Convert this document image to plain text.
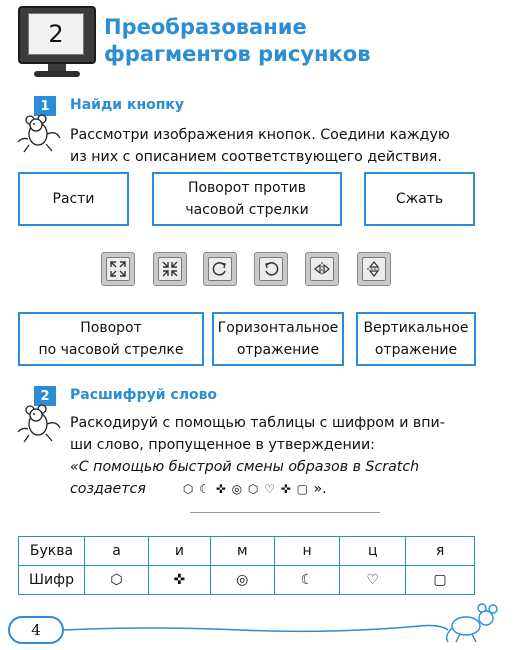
2	Преобразование
фрагментов рисунков
1	Найди кнопку
Рассмотри изображения кнопок. Соедини каждую
из них с описанием соответствующего действия.
Расти
Поворот против
часовой стрелки
Сжать
Поворот
по часовой стрелке
Горизонтальное
отражение
Вертикальное
отражение
2	Расшифруй слово
Раскодируй с помощью таблицы с шифром и впи-
ши слово, пропущенное в утверждении:
«С помощью быстрой смены образов в Scratch
создается	⬡ ☾ ✜ ◎ ⬡ ♡ ✜ ▢ ».
Буква	а	и	м	н	ц	я
Шифр	⬡	✜	◎	☾	♡	▢
4
